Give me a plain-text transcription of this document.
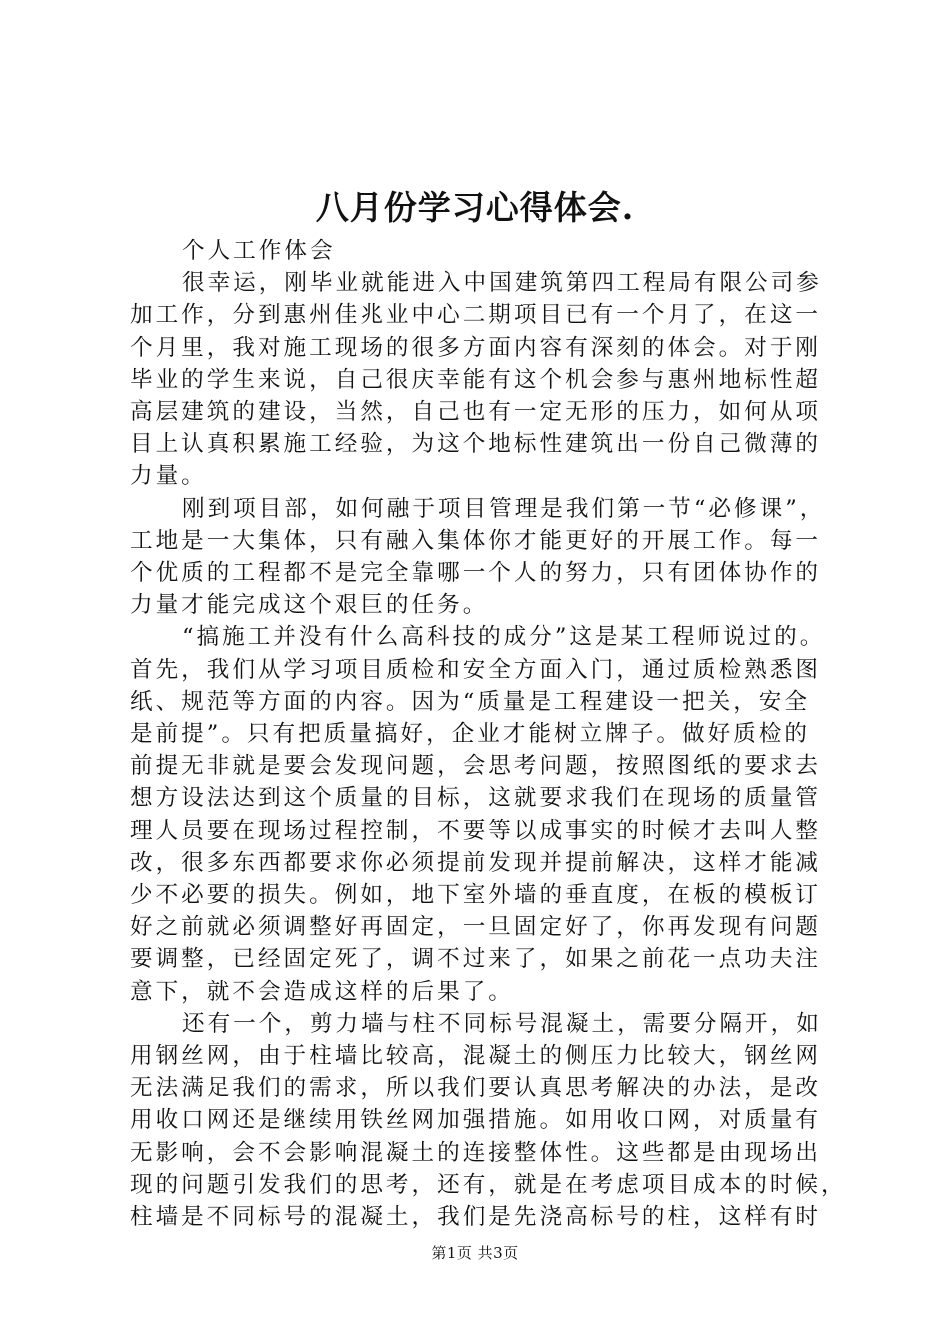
八月份学习心得体会.
个人工作体会
很幸运，刚毕业就能进入中国建筑第四工程局有限公司参
加工作，分到惠州佳兆业中心二期项目已有一个月了，在这一
个月里，我对施工现场的很多方面内容有深刻的体会。对于刚
毕业的学生来说，自己很庆幸能有这个机会参与惠州地标性超
高层建筑的建设，当然，自己也有一定无形的压力，如何从项
目上认真积累施工经验，为这个地标性建筑出一份自己微薄的
力量。
刚到项目部，如何融于项目管理是我们第一节“必修课”，
工地是一大集体，只有融入集体你才能更好的开展工作。每一
个优质的工程都不是完全靠哪一个人的努力，只有团体协作的
力量才能完成这个艰巨的任务。
“搞施工并没有什么高科技的成分”这是某工程师说过的。
首先，我们从学习项目质检和安全方面入门，通过质检熟悉图
纸、规范等方面的内容。因为“质量是工程建设一把关，安全
是前提”。只有把质量搞好，企业才能树立牌子。做好质检的
前提无非就是要会发现问题，会思考问题，按照图纸的要求去
想方设法达到这个质量的目标，这就要求我们在现场的质量管
理人员要在现场过程控制，不要等以成事实的时候才去叫人整
改，很多东西都要求你必须提前发现并提前解决，这样才能减
少不必要的损失。例如，地下室外墙的垂直度，在板的模板订
好之前就必须调整好再固定，一旦固定好了，你再发现有问题
要调整，已经固定死了，调不过来了，如果之前花一点功夫注
意下，就不会造成这样的后果了。
还有一个，剪力墙与柱不同标号混凝土，需要分隔开，如
用钢丝网，由于柱墙比较高，混凝土的侧压力比较大，钢丝网
无法满足我们的需求，所以我们要认真思考解决的办法，是改
用收口网还是继续用铁丝网加强措施。如用收口网，对质量有
无影响，会不会影响混凝土的连接整体性。这些都是由现场出
现的问题引发我们的思考，还有，就是在考虑项目成本的时候，
柱墙是不同标号的混凝土，我们是先浇高标号的柱，这样有时
第1页 共3页
